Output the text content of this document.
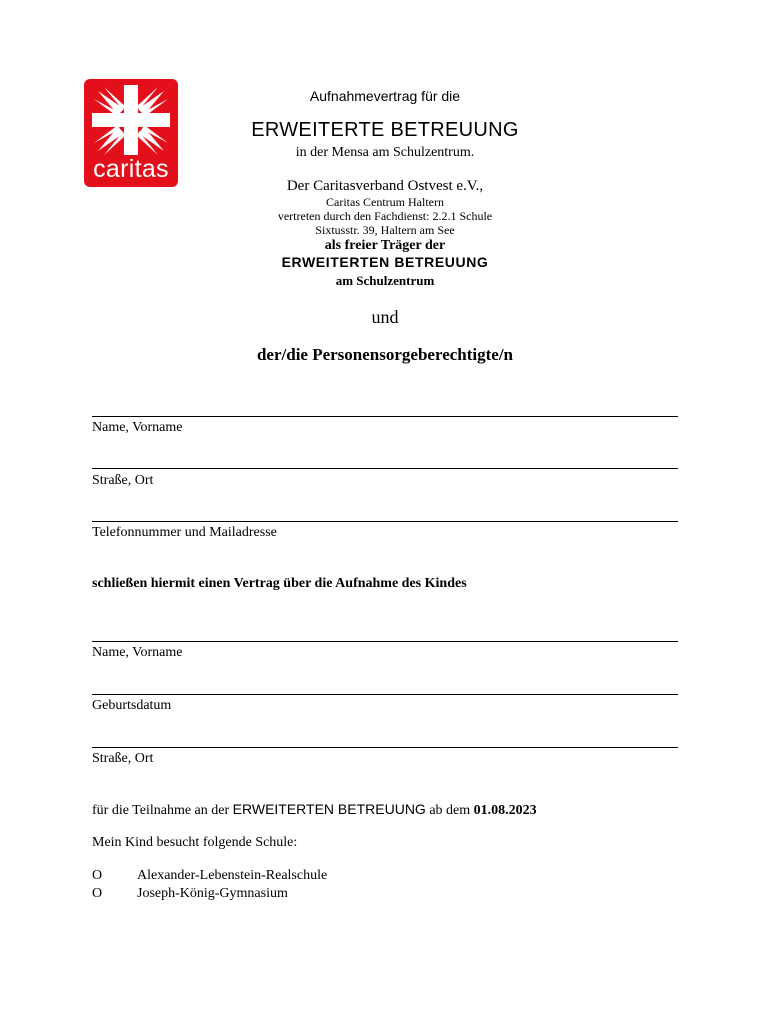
caritas
Aufnahmevertrag für die
ERWEITERTE BETREUUNG
in der Mensa am Schulzentrum.
Der Caritasverband Ostvest e.V.,
Caritas Centrum Haltern
vertreten durch den Fachdienst: 2.2.1 Schule
Sixtusstr. 39, Haltern am See
als freier Träger der
ERWEITERTEN BETREUUNG
am Schulzentrum
und
der/die Personensorgeberechtigte/n
Name, Vorname
Straße, Ort
Telefonnummer und Mailadresse
schließen hiermit einen Vertrag über die Aufnahme des Kindes
Name, Vorname
Geburtsdatum
Straße, Ort
für die Teilnahme an der ERWEITERTEN BETREUUNG ab dem 01.08.2023
Mein Kind besucht folgende Schule:
O Alexander-Lebenstein-Realschule
O Joseph-König-Gymnasium
